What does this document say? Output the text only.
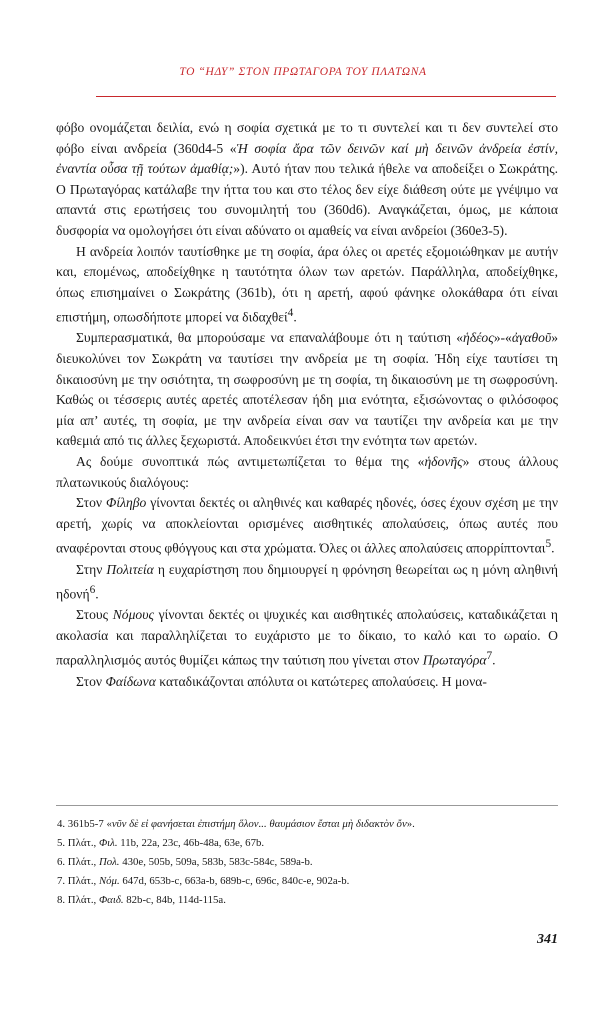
ΤΟ “ΗΔΥ” ΣΤΟΝ ΠΡΩΤΑΓΟΡΑ ΤΟΥ ΠΛΑΤΩΝΑ

φόβο ονομάζεται δειλία, ενώ η σοφία σχετικά με το τι συντελεί και τι δεν συντελεί στο φόβο είναι ανδρεία (360d4-5 «Ἡ σοφία ἄρα τῶν δεινῶν καί μὴ δεινῶν ἀνδρεία ἐστίν, ἐναντία οὖσα τῇ τούτων ἀμαθίᾳ;»). Αυτό ήταν που τελικά ήθελε να αποδείξει ο Σωκράτης. Ο Πρωταγόρας κατάλαβε την ήττα του και στο τέλος δεν είχε διάθεση ούτε με γνέψιμο να απαντά στις ερωτήσεις του συνομιλητή του (360d6). Αναγκάζεται, όμως, με κάποια δυσφορία να ομολογήσει ότι είναι αδύνατο οι αμαθείς να είναι ανδρείοι (360e3-5).

Η ανδρεία λοιπόν ταυτίσθηκε με τη σοφία, άρα όλες οι αρετές εξομοιώθηκαν με αυτήν και, επομένως, αποδείχθηκε η ταυτότητα όλων των αρετών. Παράλληλα, αποδείχθηκε, όπως επισημαίνει ο Σωκράτης (361b), ότι η αρετή, αφού φάνηκε ολοκάθαρα ότι είναι επιστήμη, οπωσδήποτε μπορεί να διδαχθεί$^4$.

Συμπερασματικά, θα μπορούσαμε να επαναλάβουμε ότι η ταύτιση «ἡδέος»-«ἀγαθοῦ» διευκολύνει τον Σωκράτη να ταυτίσει την ανδρεία με τη σοφία. Ήδη είχε ταυτίσει τη δικαιοσύνη με την οσιότητα, τη σωφροσύνη με τη σοφία, τη δικαιοσύνη με τη σωφροσύνη. Καθώς οι τέσσερις αυτές αρετές αποτέλεσαν ήδη μια ενότητα, εξισώνοντας ο φιλόσοφος μία απ’ αυτές, τη σοφία, με την ανδρεία είναι σαν να ταυτίζει την ανδρεία και με την καθεμιά από τις άλλες ξεχωριστά. Αποδεικνύει έτσι την ενότητα των αρετών.

Ας δούμε συνοπτικά πώς αντιμετωπίζεται το θέμα της «ἡδονῆς» στους άλλους πλατωνικούς διαλόγους:

Στον Φίληβο γίνονται δεκτές οι αληθινές και καθαρές ηδονές, όσες έχουν σχέση με την αρετή, χωρίς να αποκλείονται ορισμένες αισθητικές απολαύσεις, όπως αυτές που αναφέρονται στους φθόγγους και στα χρώματα. Όλες οι άλλες απολαύσεις απορρίπτονται$^5$.

Στην Πολιτεία η ευχαρίστηση που δημιουργεί η φρόνηση θεωρείται ως η μόνη αληθινή ηδονή$^6$.

Στους Νόμους γίνονται δεκτές οι ψυχικές και αισθητικές απολαύσεις, καταδικάζεται η ακολασία και παραλληλίζεται το ευχάριστο με το δίκαιο, το καλό και το ωραίο. Ο παραλληλισμός αυτός θυμίζει κάπως την ταύτιση που γίνεται στον Πρωταγόρα$^7$.

Στον Φαίδωνα καταδικάζονται απόλυτα οι κατώτερες απολαύσεις. Η μονα-

4. 361b5-7 «νῦν δὲ εἰ φανήσεται ἐπιστήμη ὅλον... θαυμάσιον ἔσται μὴ διδακτὸν ὄν».
5. Πλάτ., Φιλ. 11b, 22a, 23c, 46b-48a, 63e, 67b.
6. Πλάτ., Πολ. 430e, 505b, 509a, 583b, 583c-584c, 589a-b.
7. Πλάτ., Νόμ. 647d, 653b-c, 663a-b, 689b-c, 696c, 840c-e, 902a-b.
8. Πλάτ., Φαιδ. 82b-c, 84b, 114d-115a.
341
